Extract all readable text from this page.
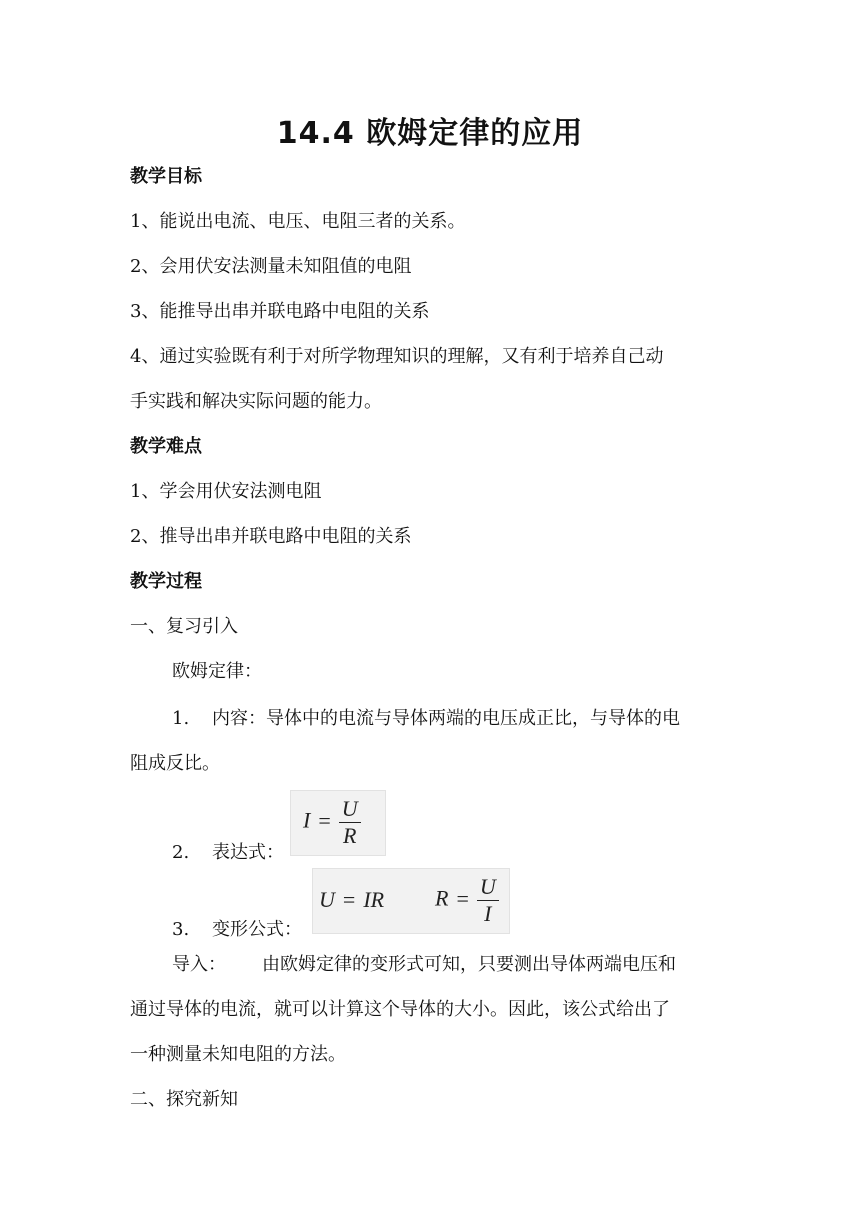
14.4 欧姆定律的应用
教学目标
1、能说出电流、电压、电阻三者的关系。
2、会用伏安法测量未知阻值的电阻
3、能推导出串并联电路中电阻的关系
4、通过实验既有利于对所学物理知识的理解，又有利于培养自己动
手实践和解决实际问题的能力。
教学难点
1、学会用伏安法测电阻
2、推导出串并联电路中电阻的关系
教学过程
一、复习引入
欧姆定律：
1. 内容：导体中的电流与导体两端的电压成正比，与导体的电
阻成反比。
2. 表达式：
$I = \frac{U}{R}$
3. 变形公式：
U = IR $R = \frac{U}{I}$
导入： 由欧姆定律的变形式可知，只要测出导体两端电压和
通过导体的电流，就可以计算这个导体的大小。因此，该公式给出了
一种测量未知电阻的方法。
二、探究新知
